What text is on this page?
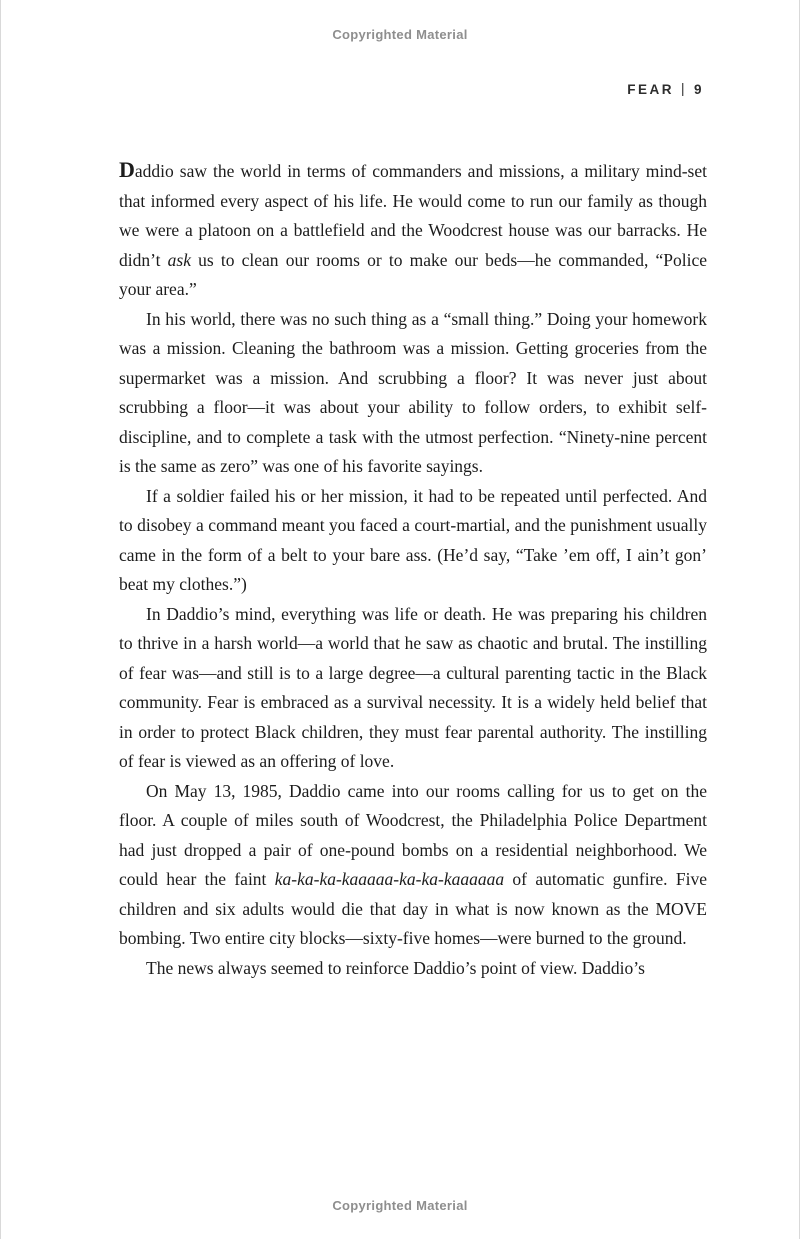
Copyrighted Material
FEAR | 9

Daddio saw the world in terms of commanders and missions, a military mind-set that informed every aspect of his life. He would come to run our family as though we were a platoon on a battlefield and the Woodcrest house was our barracks. He didn’t ask us to clean our rooms or to make our beds—he commanded, “Police your area.”

In his world, there was no such thing as a “small thing.” Doing your homework was a mission. Cleaning the bathroom was a mission. Getting groceries from the supermarket was a mission. And scrubbing a floor? It was never just about scrubbing a floor—it was about your ability to follow orders, to exhibit self-discipline, and to complete a task with the utmost perfection. “Ninety-nine percent is the same as zero” was one of his favorite sayings.

If a soldier failed his or her mission, it had to be repeated until perfected. And to disobey a command meant you faced a court-martial, and the punishment usually came in the form of a belt to your bare ass. (He’d say, “Take ’em off, I ain’t gon’ beat my clothes.”)

In Daddio’s mind, everything was life or death. He was preparing his children to thrive in a harsh world—a world that he saw as chaotic and brutal. The instilling of fear was—and still is to a large degree—a cultural parenting tactic in the Black community. Fear is embraced as a survival necessity. It is a widely held belief that in order to protect Black children, they must fear parental authority. The instilling of fear is viewed as an offering of love.

On May 13, 1985, Daddio came into our rooms calling for us to get on the floor. A couple of miles south of Woodcrest, the Philadelphia Police Department had just dropped a pair of one-pound bombs on a residential neighborhood. We could hear the faint ka-ka-ka-kaaaaa-ka-ka-kaaaaaa of automatic gunfire. Five children and six adults would die that day in what is now known as the MOVE bombing. Two entire city blocks—sixty-five homes—were burned to the ground.

The news always seemed to reinforce Daddio’s point of view. Daddio’s

Copyrighted Material
